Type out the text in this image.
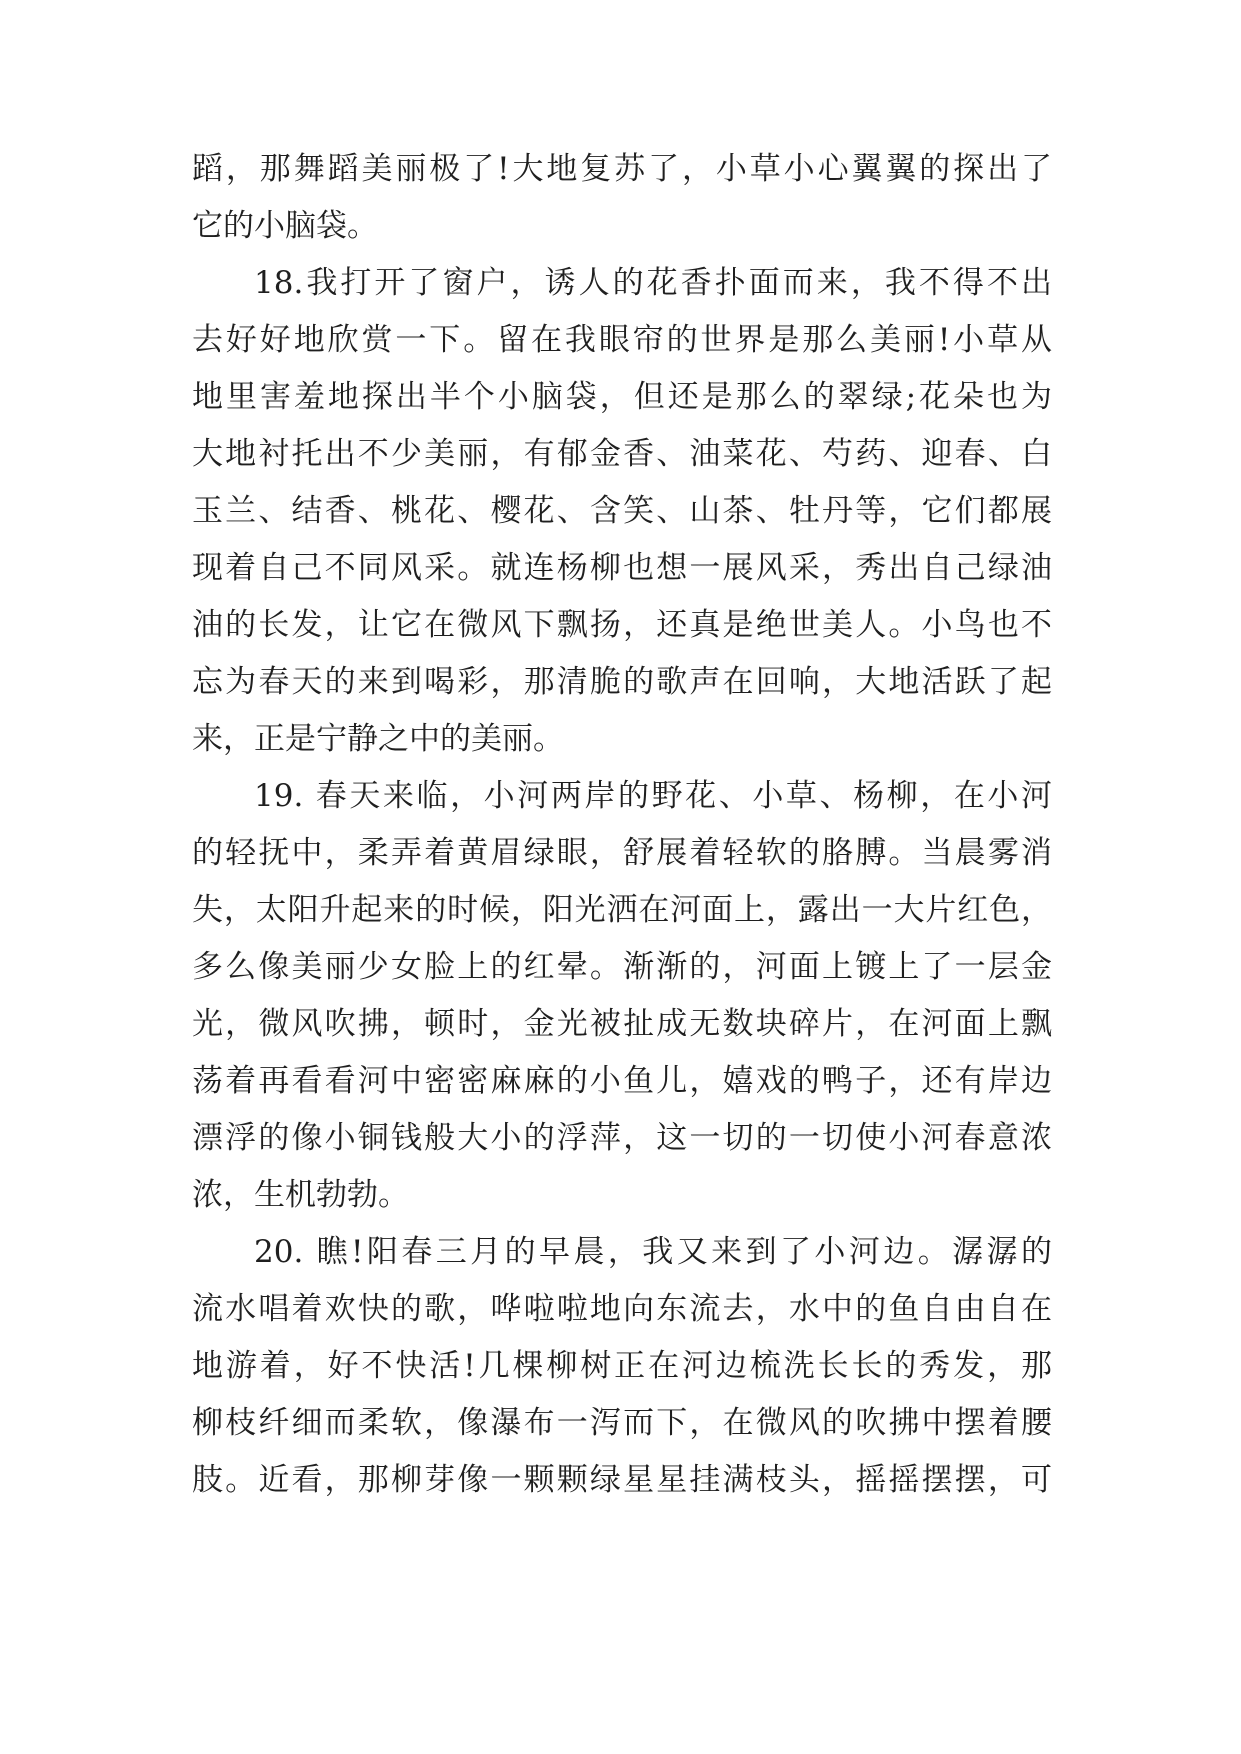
蹈，那舞蹈美丽极了!大地复苏了，小草小心翼翼的探出了

它的小脑袋。

18.我打开了窗户，诱人的花香扑面而来，我不得不出

去好好地欣赏一下。留在我眼帘的世界是那么美丽!小草从

地里害羞地探出半个小脑袋，但还是那么的翠绿;花朵也为

大地衬托出不少美丽，有郁金香、油菜花、芍药、迎春、白

玉兰、结香、桃花、樱花、含笑、山茶、牡丹等，它们都展

现着自己不同风采。就连杨柳也想一展风采，秀出自己绿油

油的长发，让它在微风下飘扬，还真是绝世美人。小鸟也不

忘为春天的来到喝彩，那清脆的歌声在回响，大地活跃了起

来，正是宁静之中的美丽。

19. 春天来临，小河两岸的野花、小草、杨柳，在小河

的轻抚中，柔弄着黄眉绿眼，舒展着轻软的胳膊。当晨雾消

失，太阳升起来的时候，阳光洒在河面上，露出一大片红色，

多么像美丽少女脸上的红晕。渐渐的，河面上镀上了一层金

光，微风吹拂，顿时，金光被扯成无数块碎片，在河面上飘

荡着再看看河中密密麻麻的小鱼儿，嬉戏的鸭子，还有岸边

漂浮的像小铜钱般大小的浮萍，这一切的一切使小河春意浓

浓，生机勃勃。

20. 瞧!阳春三月的早晨，我又来到了小河边。潺潺的

流水唱着欢快的歌，哗啦啦地向东流去，水中的鱼自由自在

地游着，好不快活!几棵柳树正在河边梳洗长长的秀发，那

柳枝纤细而柔软，像瀑布一泻而下，在微风的吹拂中摆着腰

肢。近看，那柳芽像一颗颗绿星星挂满枝头，摇摇摆摆，可
